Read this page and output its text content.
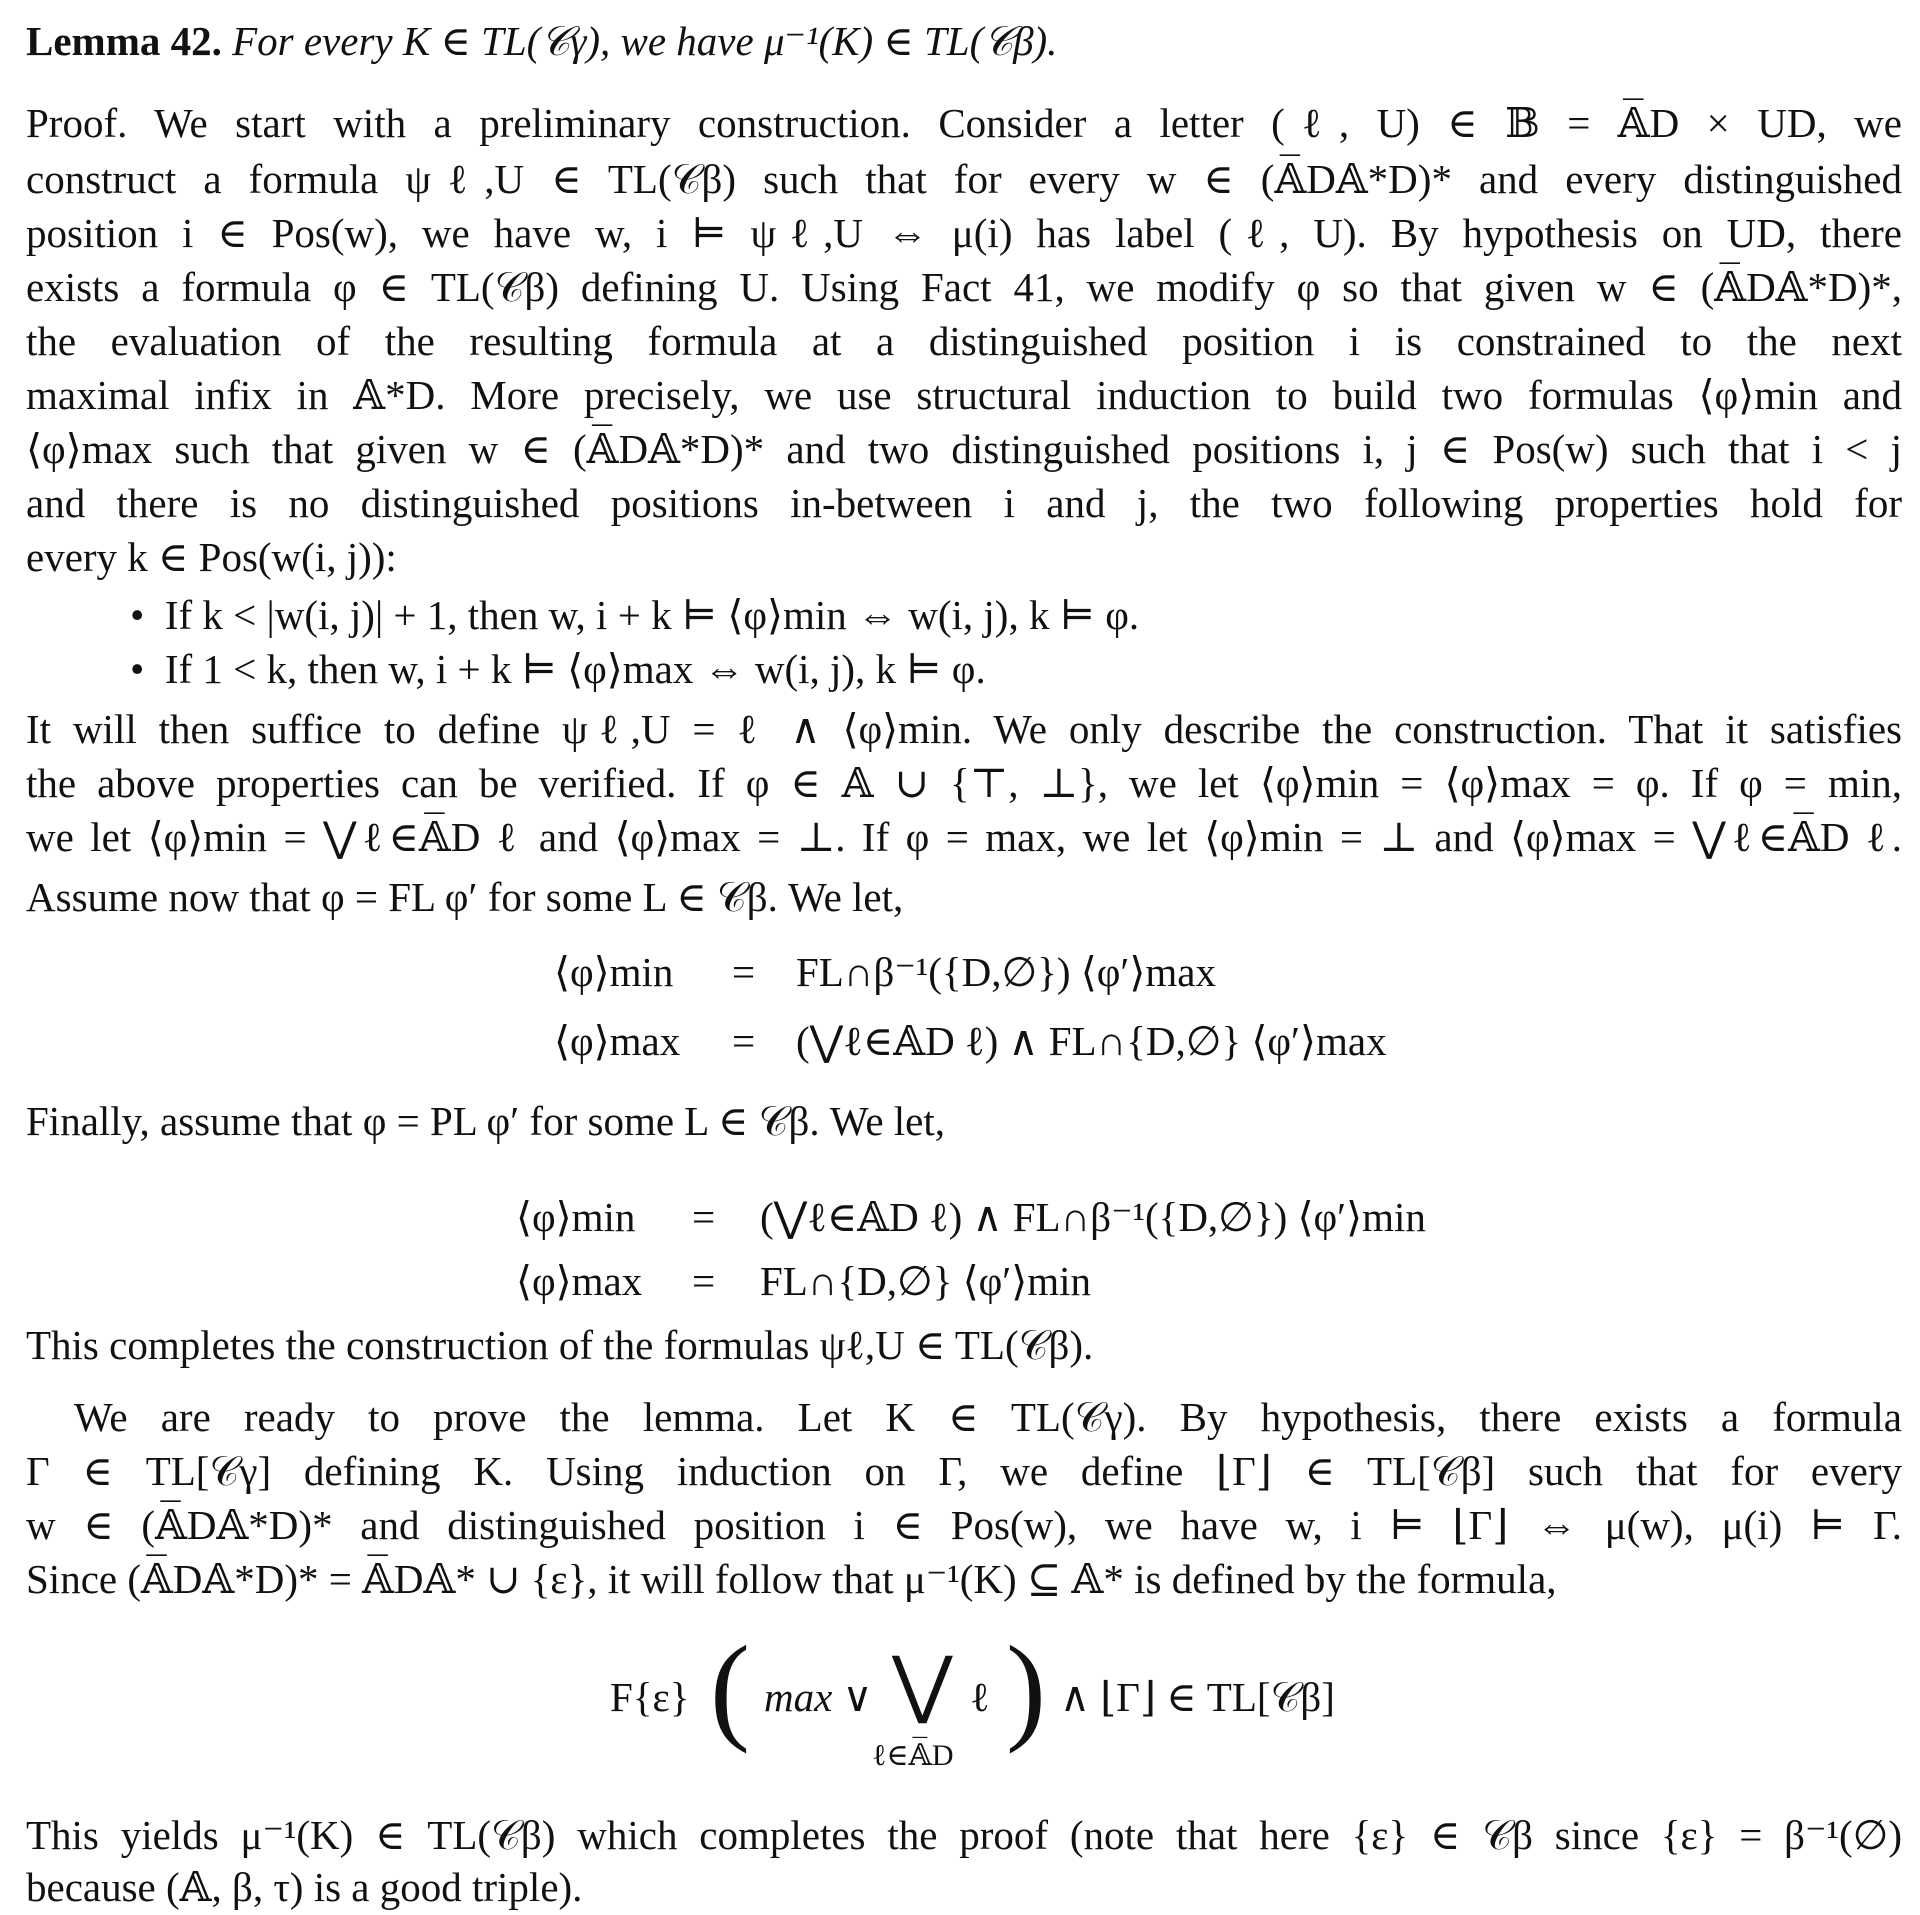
Lemma 42. For every K ∈ TL(𝒞γ), we have μ⁻¹(K) ∈ TL(𝒞β).
Proof. We start with a preliminary construction. Consider a letter (ℓ, U) ∈ 𝔹 = 𝔸̅D × UD, we
construct a formula ψℓ,U ∈ TL(𝒞β) such that for every w ∈ (𝔸̅D𝔸*D)* and every distinguished
position i ∈ Pos(w), we have w, i ⊨ ψℓ,U ⇔ μ(i) has label (ℓ, U). By hypothesis on UD, there
exists a formula φ ∈ TL(𝒞β) defining U. Using Fact 41, we modify φ so that given w ∈ (𝔸̅D𝔸*D)*,
the evaluation of the resulting formula at a distinguished position i is constrained to the next
maximal infix in 𝔸*D. More precisely, we use structural induction to build two formulas ⟨φ⟩min and
⟨φ⟩max such that given w ∈ (𝔸̅D𝔸*D)* and two distinguished positions i, j ∈ Pos(w) such that i < j
and there is no distinguished positions in-between i and j, the two following properties hold for
every k ∈ Pos(w(i, j)):
•  If k < |w(i, j)| + 1, then w, i + k ⊨ ⟨φ⟩min ⇔ w(i, j), k ⊨ φ.
•  If 1 < k, then w, i + k ⊨ ⟨φ⟩max ⇔ w(i, j), k ⊨ φ.
It will then suffice to define ψℓ,U = ℓ ∧ ⟨φ⟩min. We only describe the construction. That it satisfies
the above properties can be verified. If φ ∈ 𝔸 ∪ {⊤, ⊥}, we let ⟨φ⟩min = ⟨φ⟩max = φ. If φ = min,
we let ⟨φ⟩min = ⋁ℓ∈𝔸̅D ℓ and ⟨φ⟩max = ⊥. If φ = max, we let ⟨φ⟩min = ⊥ and ⟨φ⟩max = ⋁ℓ∈𝔸̅D ℓ.
Assume now that φ = FL φ′ for some L ∈ 𝒞β. We let,
⟨φ⟩min = FL∩β⁻¹({D,∅}) ⟨φ′⟩max
⟨φ⟩max = (⋁ℓ∈𝔸D ℓ) ∧ FL∩{D,∅} ⟨φ′⟩max
Finally, assume that φ = PL φ′ for some L ∈ 𝒞β. We let,
⟨φ⟩min = (⋁ℓ∈𝔸D ℓ) ∧ FL∩β⁻¹({D,∅}) ⟨φ′⟩min
⟨φ⟩max = FL∩{D,∅} ⟨φ′⟩min
This completes the construction of the formulas ψℓ,U ∈ TL(𝒞β).
We are ready to prove the lemma. Let K ∈ TL(𝒞γ). By hypothesis, there exists a formula
Γ ∈ TL[𝒞γ] defining K. Using induction on Γ, we define ⌊Γ⌋ ∈ TL[𝒞β] such that for every
w ∈ (𝔸̅D𝔸*D)* and distinguished position i ∈ Pos(w), we have w, i ⊨ ⌊Γ⌋ ⇔ μ(w), μ(i) ⊨ Γ.
Since (𝔸̅D𝔸*D)* = 𝔸̅D𝔸* ∪ {ε}, it will follow that μ⁻¹(K) ⊆ 𝔸* is defined by the formula,
F{ε} ( max ∨ ⋁
ℓ∈𝔸̅D
ℓ ) ∧ ⌊Γ⌋ ∈ TL[𝒞β]
This yields μ⁻¹(K) ∈ TL(𝒞β) which completes the proof (note that here {ε} ∈ 𝒞β since {ε} = β⁻¹(∅)
because (𝔸, β, τ) is a good triple).
